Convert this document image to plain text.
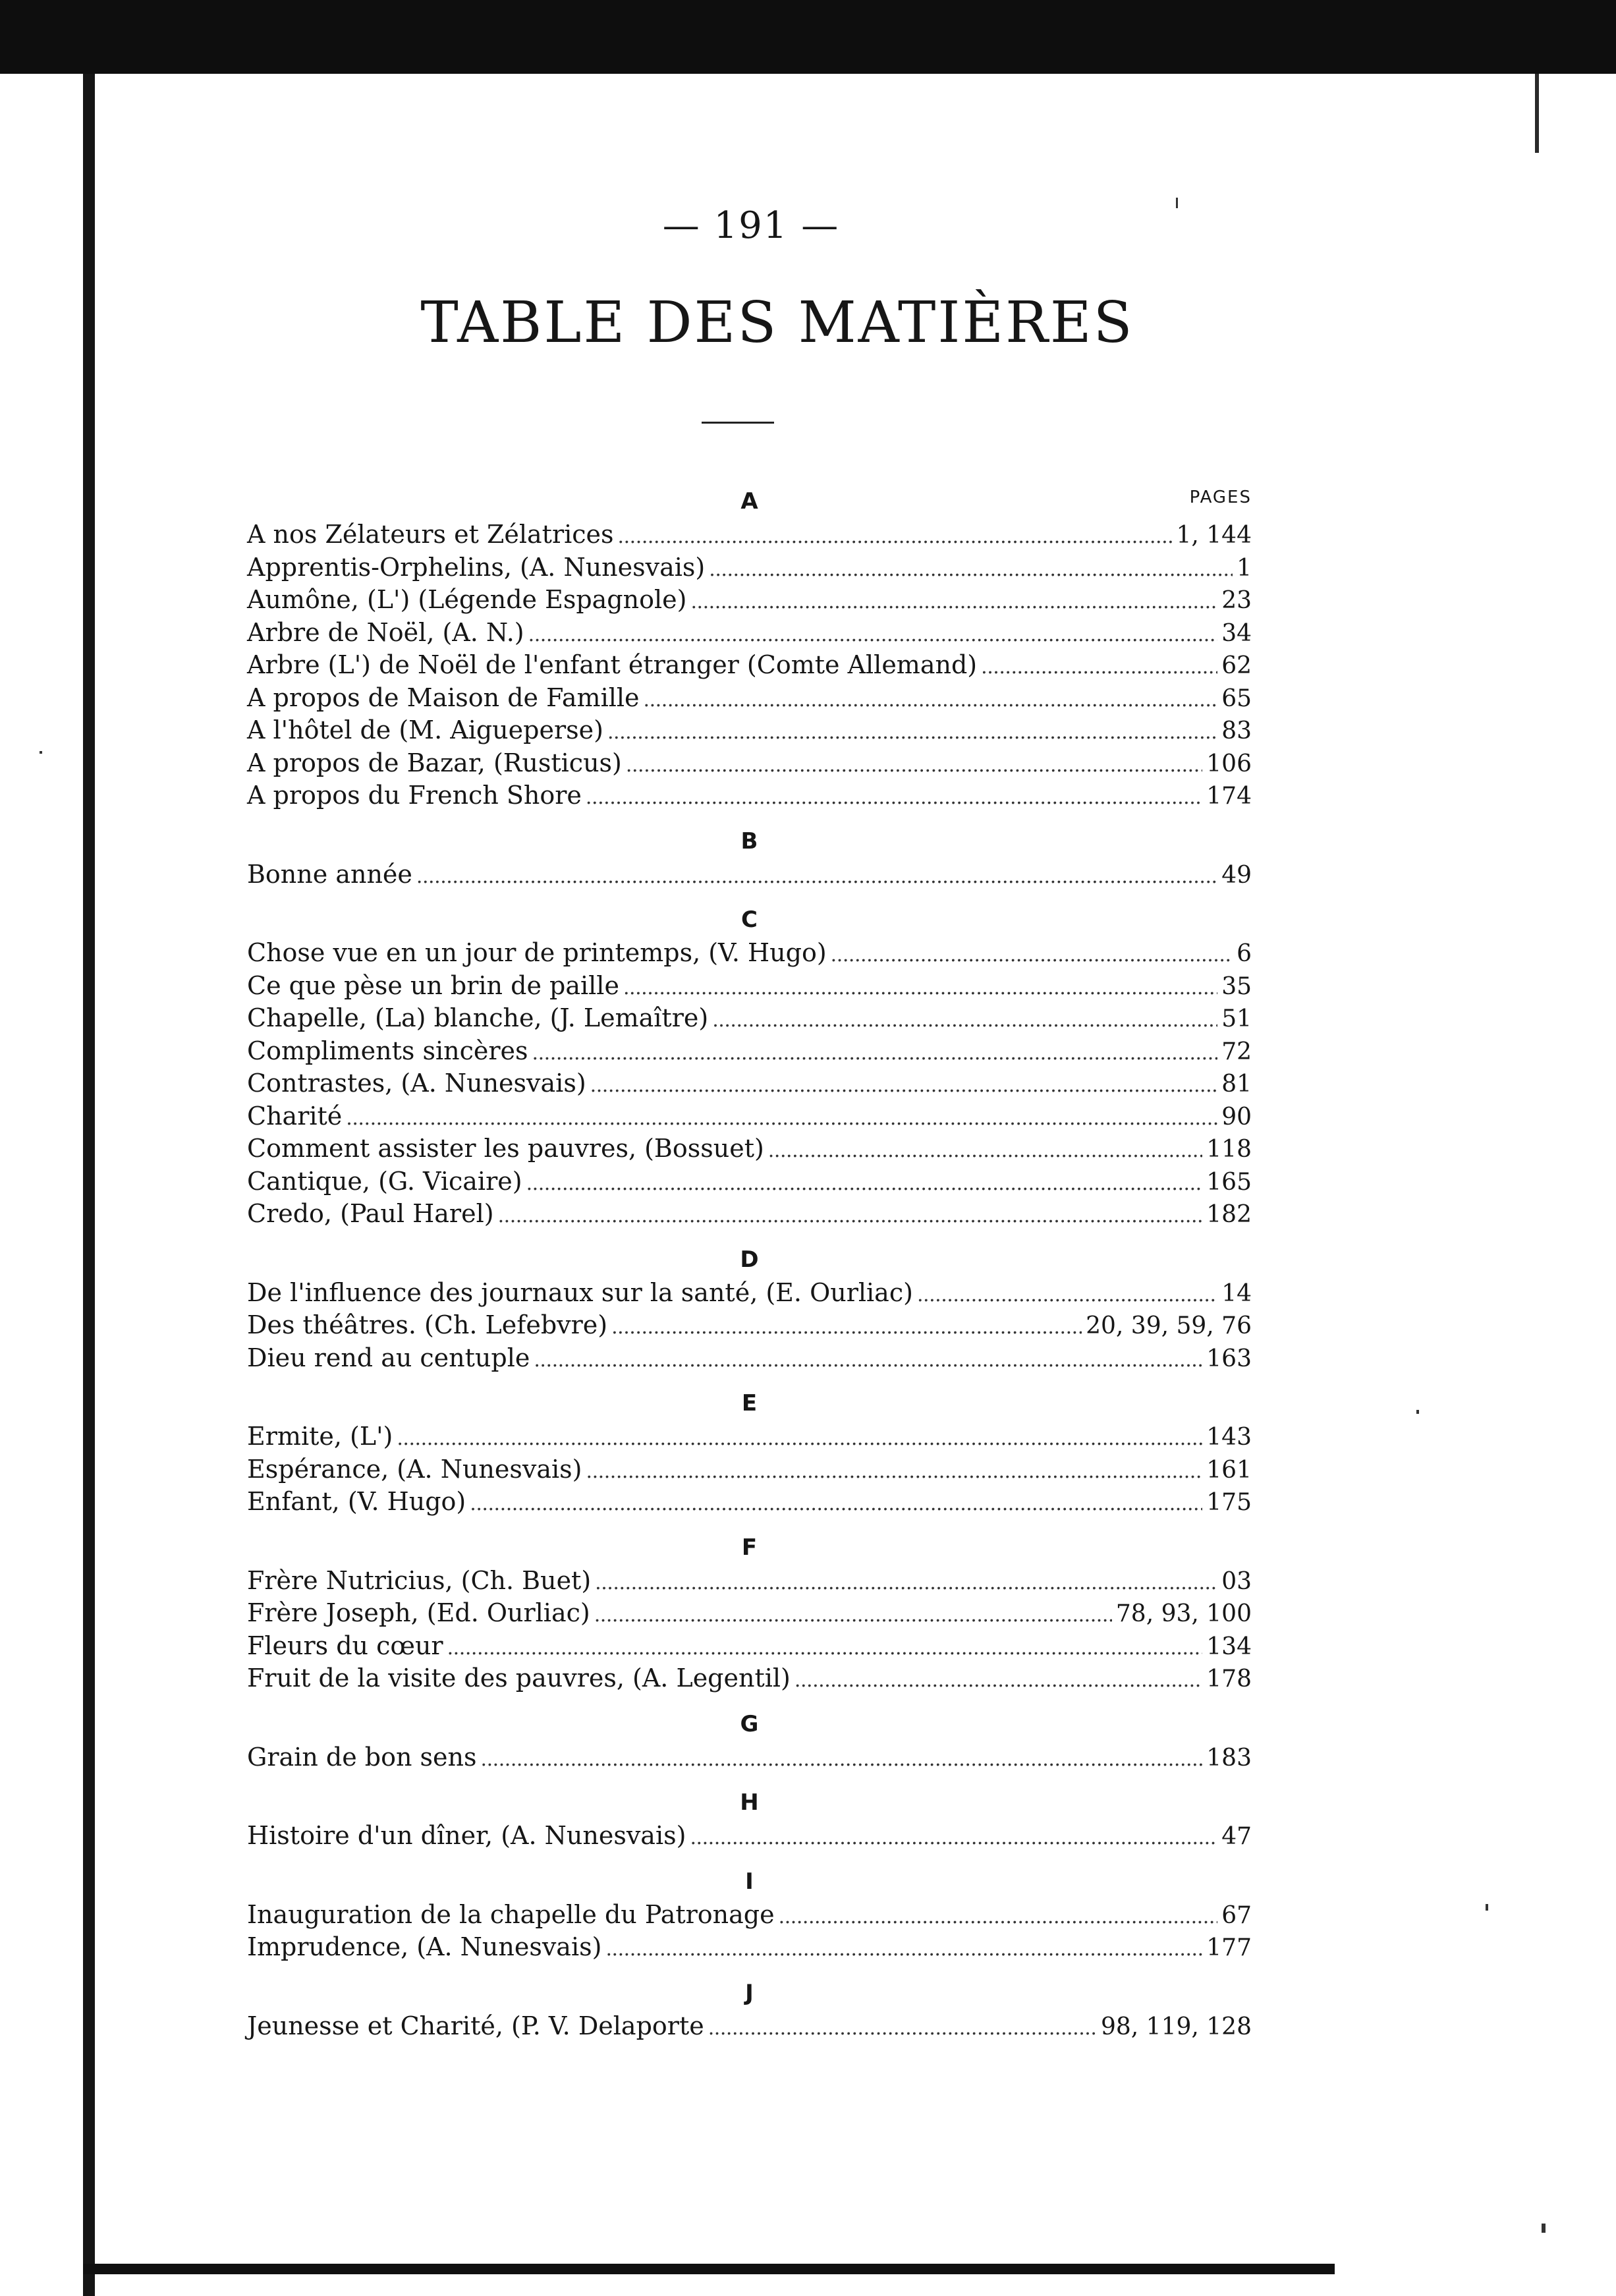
— 191 —
TABLE DES MATIÈRES
PAGES
A
A nos Zélateurs et Zélatrices . . .	1, 144
Apprentis-Orphelins, (A. Nunesvais) . . .	1
Aumône, (L') (Légende Espagnole) . . .	23
Arbre de Noël, (A. N.) . . .	34
Arbre (L') de Noël de l'enfant étranger (Comte Allemand) . . .	62
A propos de Maison de Famille . . .	65
A l'hôtel de (M. Aigueperse) . . .	83
A propos de Bazar, (Rusticus) . . .	106
A propos du French Shore . . .	174
B
Bonne année . . .	49
C
Chose vue en un jour de printemps, (V. Hugo) . . .	6
Ce que pèse un brin de paille . . .	35
Chapelle, (La) blanche, (J. Lemaître) . . .	51
Compliments sincères . . .	72
Contrastes, (A. Nunesvais) . . .	81
Charité . . .	90
Comment assister les pauvres, (Bossuet) . . .	118
Cantique, (G. Vicaire) . . .	165
Credo, (Paul Harel) . . .	182
D
De l'influence des journaux sur la santé, (E. Ourliac) . . .	14
Des théâtres. (Ch. Lefebvre) . . .	20, 39, 59, 76
Dieu rend au centuple . . .	163
E
Ermite, (L') . . .	143
Espérance, (A. Nunesvais) . . .	161
Enfant, (V. Hugo) . . .	175
F
Frère Nutricius, (Ch. Buet) . . .	03
Frère Joseph, (Ed. Ourliac) . . .	78, 93, 100
Fleurs du cœur . . .	134
Fruit de la visite des pauvres, (A. Legentil) . . .	178
G
Grain de bon sens . . .	183
H
Histoire d'un dîner, (A. Nunesvais) . . .	47
I
Inauguration de la chapelle du Patronage . . .	67
Imprudence, (A. Nunesvais) . . .	177
J
Jeunesse et Charité, (P. V. Delaporte . . .	98, 119, 128
